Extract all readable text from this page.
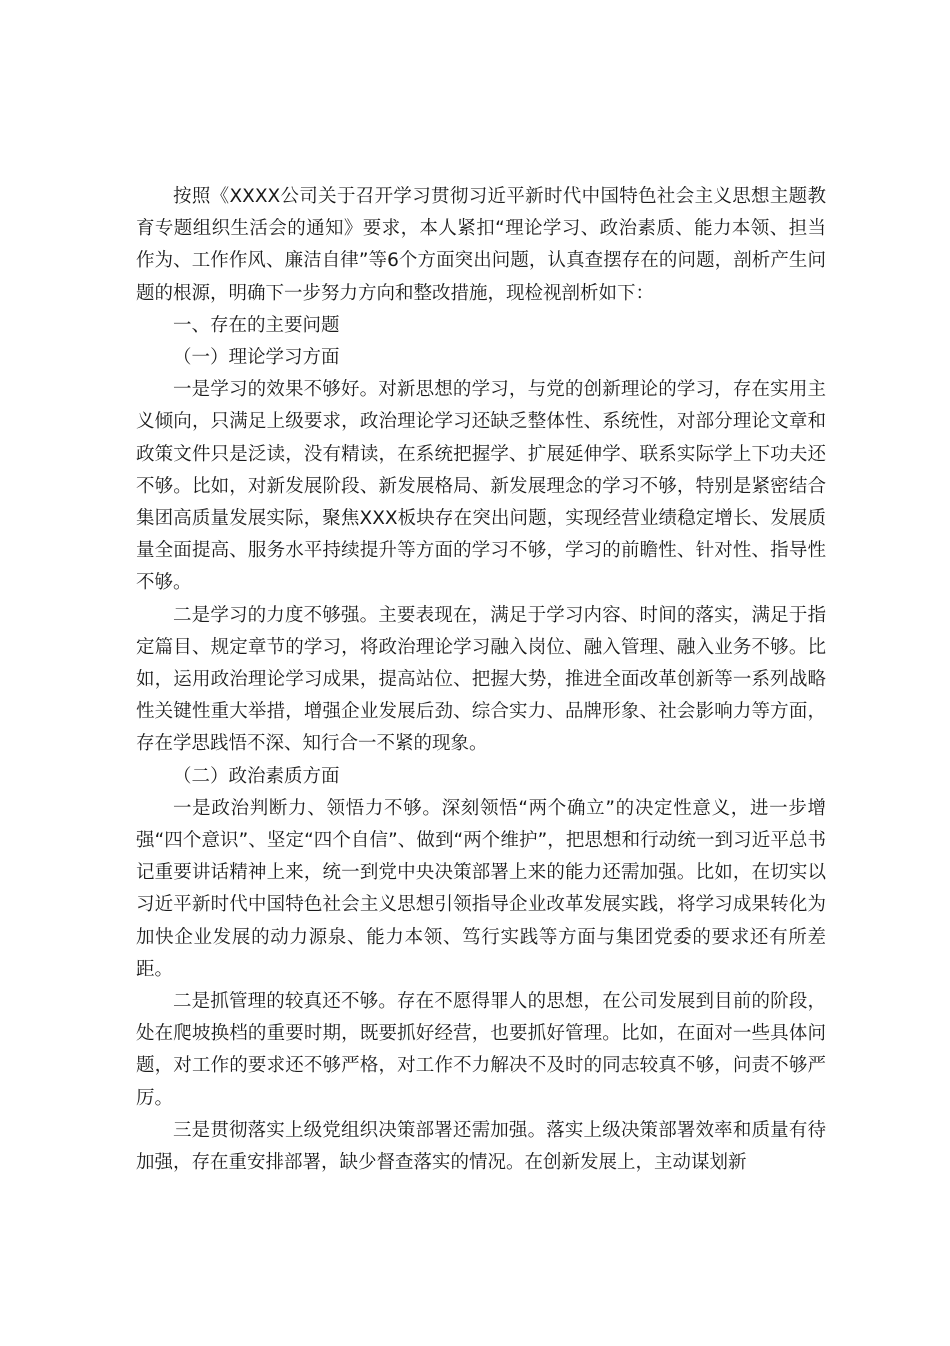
按照《XXXX公司关于召开学习贯彻习近平新时代中国特色社会主义思想主题教育专题组织生活会的通知》要求，本人紧扣“理论学习、政治素质、能力本领、担当作为、工作作风、廉洁自律”等6个方面突出问题，认真查摆存在的问题，剖析产生问题的根源，明确下一步努力方向和整改措施，现检视剖析如下：

一、存在的主要问题

（一）理论学习方面

一是学习的效果不够好。对新思想的学习，与党的创新理论的学习，存在实用主义倾向，只满足上级要求，政治理论学习还缺乏整体性、系统性，对部分理论文章和政策文件只是泛读，没有精读，在系统把握学、扩展延伸学、联系实际学上下功夫还不够。比如，对新发展阶段、新发展格局、新发展理念的学习不够，特别是紧密结合集团高质量发展实际，聚焦XXX板块存在突出问题，实现经营业绩稳定增长、发展质量全面提高、服务水平持续提升等方面的学习不够，学习的前瞻性、针对性、指导性不够。

二是学习的力度不够强。主要表现在，满足于学习内容、时间的落实，满足于指定篇目、规定章节的学习，将政治理论学习融入岗位、融入管理、融入业务不够。比如，运用政治理论学习成果，提高站位、把握大势，推进全面改革创新等一系列战略性关键性重大举措，增强企业发展后劲、综合实力、品牌形象、社会影响力等方面，存在学思践悟不深、知行合一不紧的现象。

（二）政治素质方面

一是政治判断力、领悟力不够。深刻领悟“两个确立”的决定性意义，进一步增强“四个意识”、坚定“四个自信”、做到“两个维护”，把思想和行动统一到习近平总书记重要讲话精神上来，统一到党中央决策部署上来的能力还需加强。比如，在切实以习近平新时代中国特色社会主义思想引领指导企业改革发展实践，将学习成果转化为加快企业发展的动力源泉、能力本领、笃行实践等方面与集团党委的要求还有所差距。

二是抓管理的较真还不够。存在不愿得罪人的思想，在公司发展到目前的阶段，处在爬坡换档的重要时期，既要抓好经营，也要抓好管理。比如，在面对一些具体问题，对工作的要求还不够严格，对工作不力解决不及时的同志较真不够，问责不够严厉。

三是贯彻落实上级党组织决策部署还需加强。落实上级决策部署效率和质量有待加强，存在重安排部署，缺少督查落实的情况。在创新发展上，主动谋划新
